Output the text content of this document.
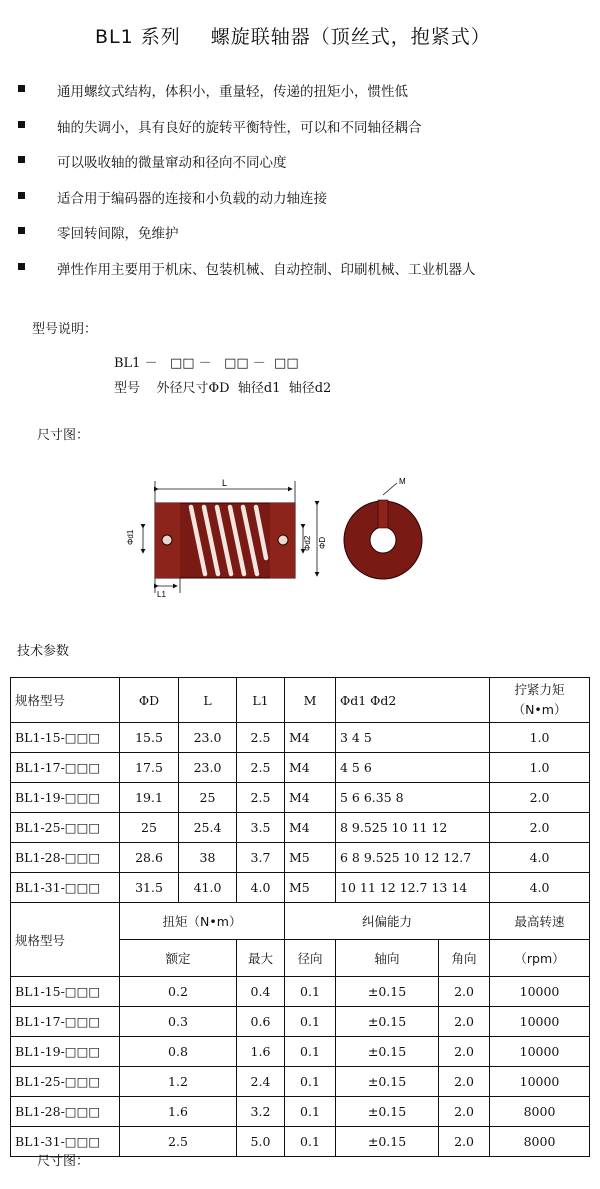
BL1 系列 螺旋联轴器（顶丝式，抱紧式）
通用螺纹式结构，体积小，重量轻，传递的扭矩小，惯性低
轴的失调小，具有良好的旋转平衡特性，可以和不同轴径耦合
可以吸收轴的微量窜动和径向不同心度
适合用于编码器的连接和小负载的动力轴连接
零回转间隙，免维护
弹性作用主要用于机床、包装机械、自动控制、印刷机械、工业机器人
型号说明：
BL1 －   □□ －   □□ －  □□
型号    外径尺寸ΦD  轴径d1  轴径d2
尺寸图：
L
Φd1	Φd2 ΦD
L1
M
技术参数
规格型号	ΦD	L	L1	M	Φd1 Φd2		拧紧力矩
（N•m）

BL1-15-□□□	15.5	23.0	2.5	M4	3 4 5		1.0
BL1-17-□□□	17.5	23.0	2.5	M4	4 5 6		1.0
BL1-19-□□□	19.1	25	2.5	M4	5 6 6.35 8		2.0
BL1-25-□□□	25	25.4	3.5	M4	8 9.525 10 11 12		2.0
BL1-28-□□□	28.6	38	3.7	M5	6 8 9.525 10 12 12.7		4.0
BL1-31-□□□	31.5	41.0	4.0	M5	10 11 12 12.7 13 14		4.0
规格型号	扭矩（N•m）			纠偏能力			最高转速
	额定		最大	径向	轴向	角向	（rpm）
BL1-15-□□□	0.2		0.4	0.1	±0.15	2.0	10000
BL1-17-□□□	0.3		0.6	0.1	±0.15	2.0	10000
BL1-19-□□□	0.8		1.6	0.1	±0.15	2.0	10000
BL1-25-□□□	1.2		2.4	0.1	±0.15	2.0	10000
BL1-28-□□□	1.6		3.2	0.1	±0.15	2.0	8000
BL1-31-□□□	2.5		5.0	0.1	±0.15	2.0	8000
尺寸图：
